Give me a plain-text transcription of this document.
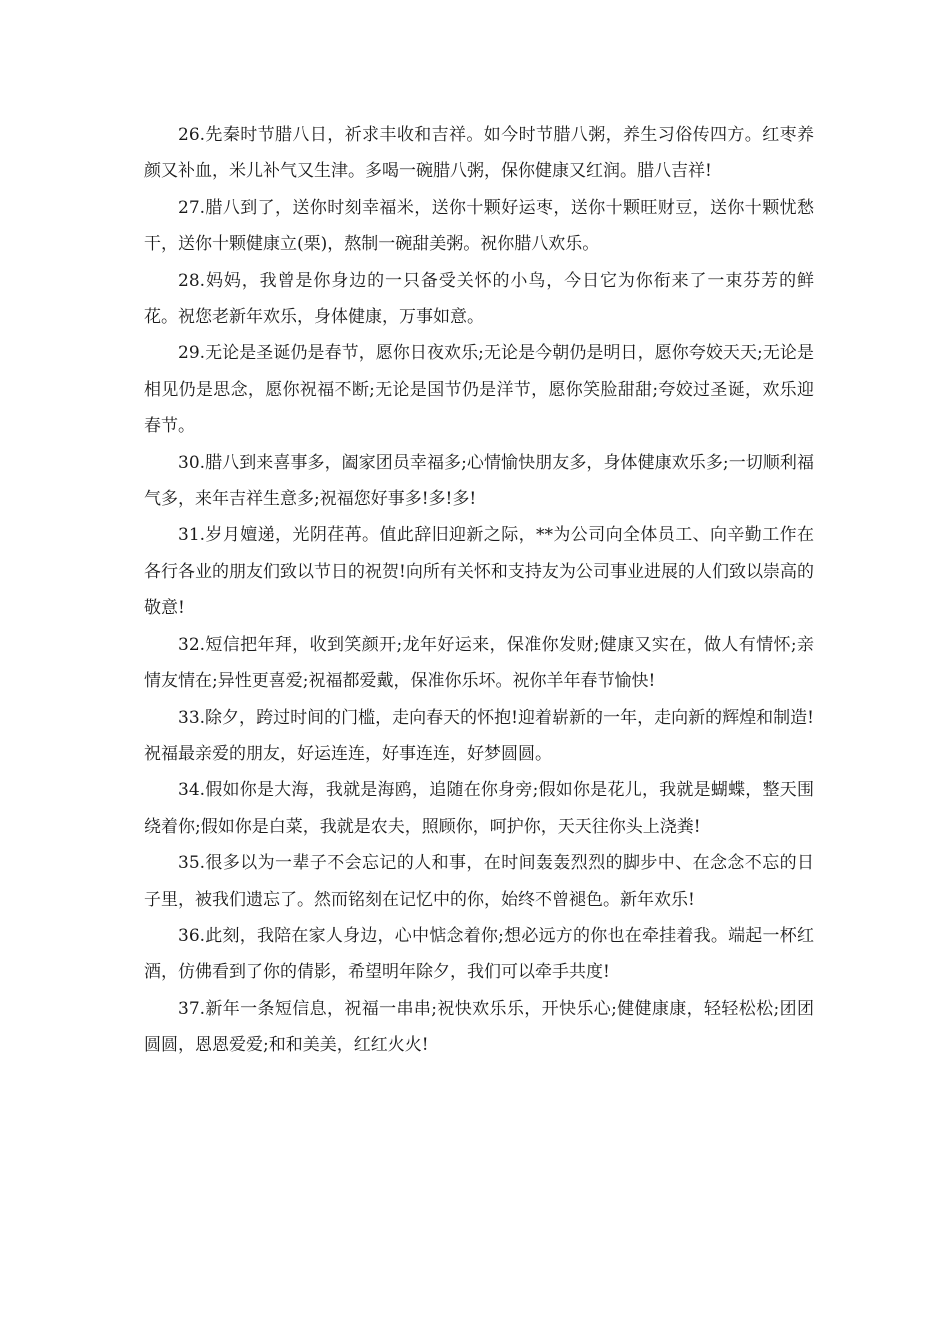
26.先秦时节腊八日，祈求丰收和吉祥。如今时节腊八粥，养生习俗传四方。红枣养颜又补血，米儿补气又生津。多喝一碗腊八粥，保你健康又红润。腊八吉祥!

27.腊八到了，送你时刻幸福米，送你十颗好运枣，送你十颗旺财豆，送你十颗忧愁干，送你十颗健康立(栗)，熬制一碗甜美粥。祝你腊八欢乐。

28.妈妈，我曾是你身边的一只备受关怀的小鸟，今日它为你衔来了一束芬芳的鲜花。祝您老新年欢乐，身体健康，万事如意。

29.无论是圣诞仍是春节，愿你日夜欢乐;无论是今朝仍是明日，愿你夸姣天天;无论是相见仍是思念，愿你祝福不断;无论是国节仍是洋节，愿你笑脸甜甜;夸姣过圣诞，欢乐迎春节。

30.腊八到来喜事多，阖家团员幸福多;心情愉快朋友多，身体健康欢乐多;一切顺利福气多，来年吉祥生意多;祝福您好事多!多!多!

31.岁月嬗递，光阴荏苒。值此辞旧迎新之际，**为公司向全体员工、向辛勤工作在各行各业的朋友们致以节日的祝贺!向所有关怀和支持友为公司事业进展的人们致以崇高的敬意!

32.短信把年拜，收到笑颜开;龙年好运来，保准你发财;健康又实在，做人有情怀;亲情友情在;异性更喜爱;祝福都爱戴，保准你乐坏。祝你羊年春节愉快!

33.除夕，跨过时间的门槛，走向春天的怀抱!迎着崭新的一年，走向新的辉煌和制造!祝福最亲爱的朋友，好运连连，好事连连，好梦圆圆。

34.假如你是大海，我就是海鸥，追随在你身旁;假如你是花儿，我就是蝴蝶，整天围绕着你;假如你是白菜，我就是农夫，照顾你，呵护你，天天往你头上浇粪!

35.很多以为一辈子不会忘记的人和事，在时间轰轰烈烈的脚步中、在念念不忘的日子里，被我们遗忘了。然而铭刻在记忆中的你，始终不曾褪色。新年欢乐!

36.此刻，我陪在家人身边，心中惦念着你;想必远方的你也在牵挂着我。端起一杯红酒，仿佛看到了你的倩影，希望明年除夕，我们可以牵手共度!

37.新年一条短信息，祝福一串串;祝快欢乐乐，开快乐心;健健康康，轻轻松松;团团圆圆，恩恩爱爱;和和美美，红红火火!
